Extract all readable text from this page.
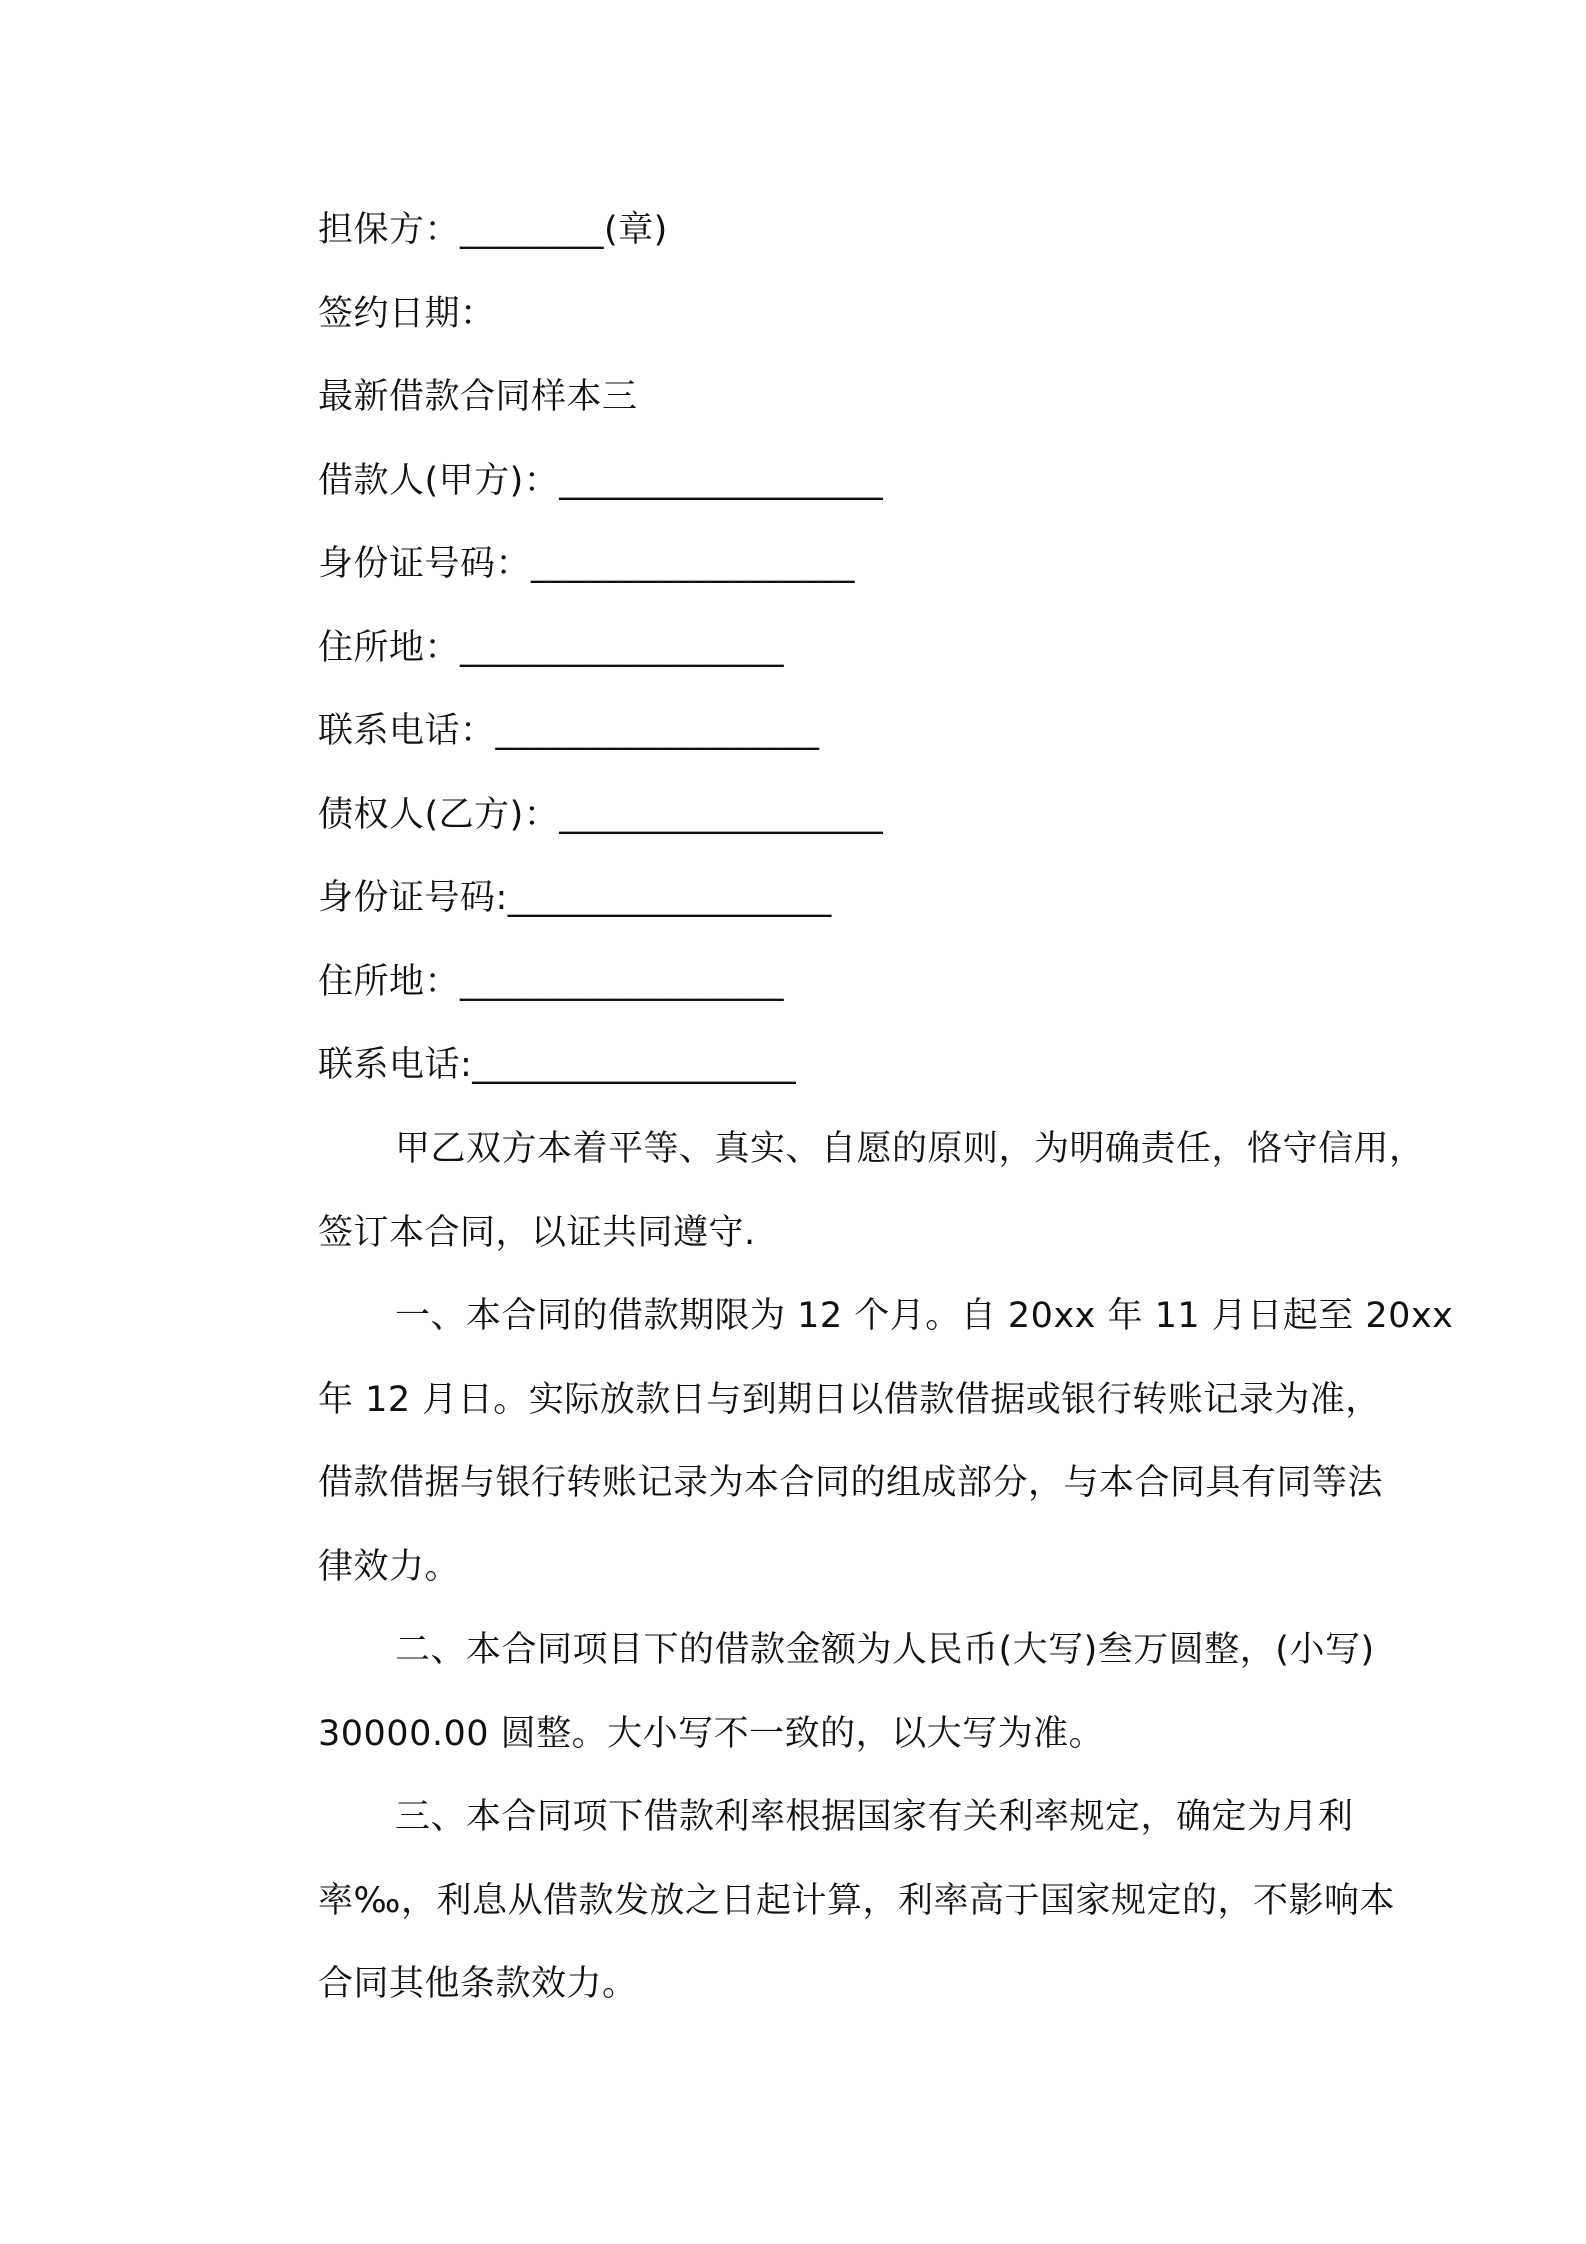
担保方：________(章)
签约日期：
最新借款合同样本三
借款人(甲方)：__________________
身份证号码：__________________
住所地：__________________
联系电话：__________________
债权人(乙方)：__________________
身份证号码:__________________
住所地：__________________
联系电话:__________________
甲乙双方本着平等、真实、自愿的原则，为明确责任，恪守信用，
签订本合同，以证共同遵守.
一、本合同的借款期限为 12 个月。自 20xx 年 11 月日起至 20xx
年 12 月日。实际放款日与到期日以借款借据或银行转账记录为准，
借款借据与银行转账记录为本合同的组成部分，与本合同具有同等法
律效力。
二、本合同项目下的借款金额为人民币(大写)叁万圆整，(小写)
30000.00 圆整。大小写不一致的，以大写为准。
三、本合同项下借款利率根据国家有关利率规定，确定为月利
率‰，利息从借款发放之日起计算，利率高于国家规定的，不影响本
合同其他条款效力。
